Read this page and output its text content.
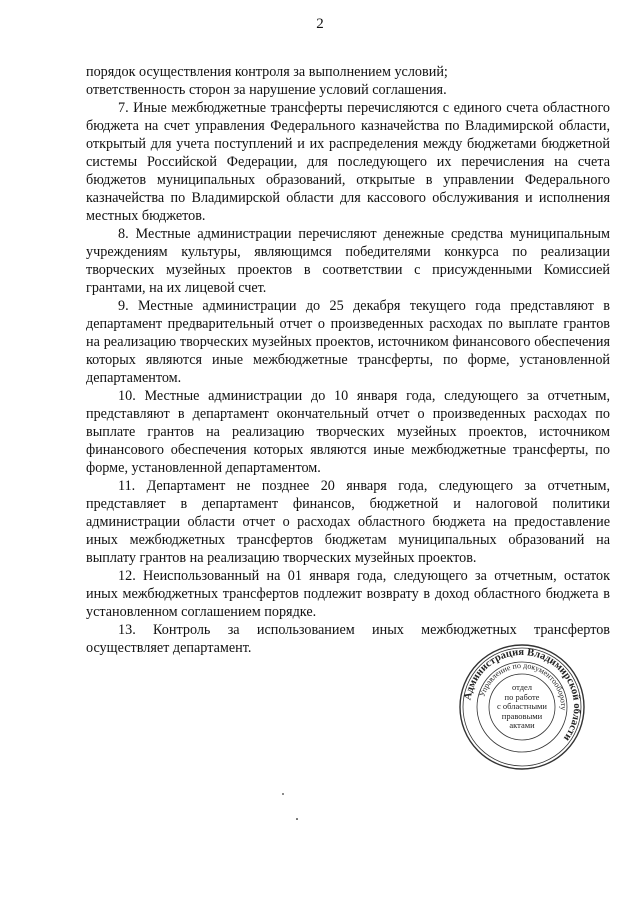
2

порядок осуществления контроля за выполнением условий;

ответственность сторон за нарушение условий соглашения.

7. Иные межбюджетные трансферты перечисляются с единого счета областного бюджета на счет управления Федерального казначейства по Владимирской области, открытый для учета поступлений и их распределения между бюджетами бюджетной системы Российской Федерации, для последующего их перечисления на счета бюджетов муниципальных образований, открытые в управлении Федерального казначейства по Владимирской области для кассового обслуживания и исполнения местных бюджетов.

8. Местные администрации перечисляют денежные средства муниципальным учреждениям культуры, являющимся победителями конкурса по реализации творческих музейных проектов в соответствии с присужденными Комиссией грантами, на их лицевой счет.

9. Местные администрации до 25 декабря текущего года представляют в департамент предварительный отчет о произведенных расходах по выплате грантов на реализацию творческих музейных проектов, источником финансового обеспечения которых являются иные межбюджетные трансферты, по форме, установленной департаментом.

10. Местные администрации до 10 января года, следующего за отчетным, представляют в департамент окончательный отчет о произведенных расходах по выплате грантов на реализацию творческих музейных проектов, источником финансового обеспечения которых являются иные межбюджетные трансферты, по форме, установленной департаментом.

11. Департамент не позднее 20 января года, следующего за отчетным, представляет в департамент финансов, бюджетной и налоговой политики администрации области отчет о расходах областного бюджета на предоставление иных межбюджетных трансфертов бюджетам муниципальных образований на выплату грантов на реализацию творческих музейных проектов.

12. Неиспользованный на 01 января года, следующего за отчетным, остаток иных межбюджетных трансфертов подлежит возврату в доход областного бюджета в установленном соглашением порядке.

13. Контроль за использованием иных межбюджетных трансфертов осуществляет департамент.

Администрация Владимирской области
Управление по документообороту
отдел
по работе
с областными
правовыми
актами
